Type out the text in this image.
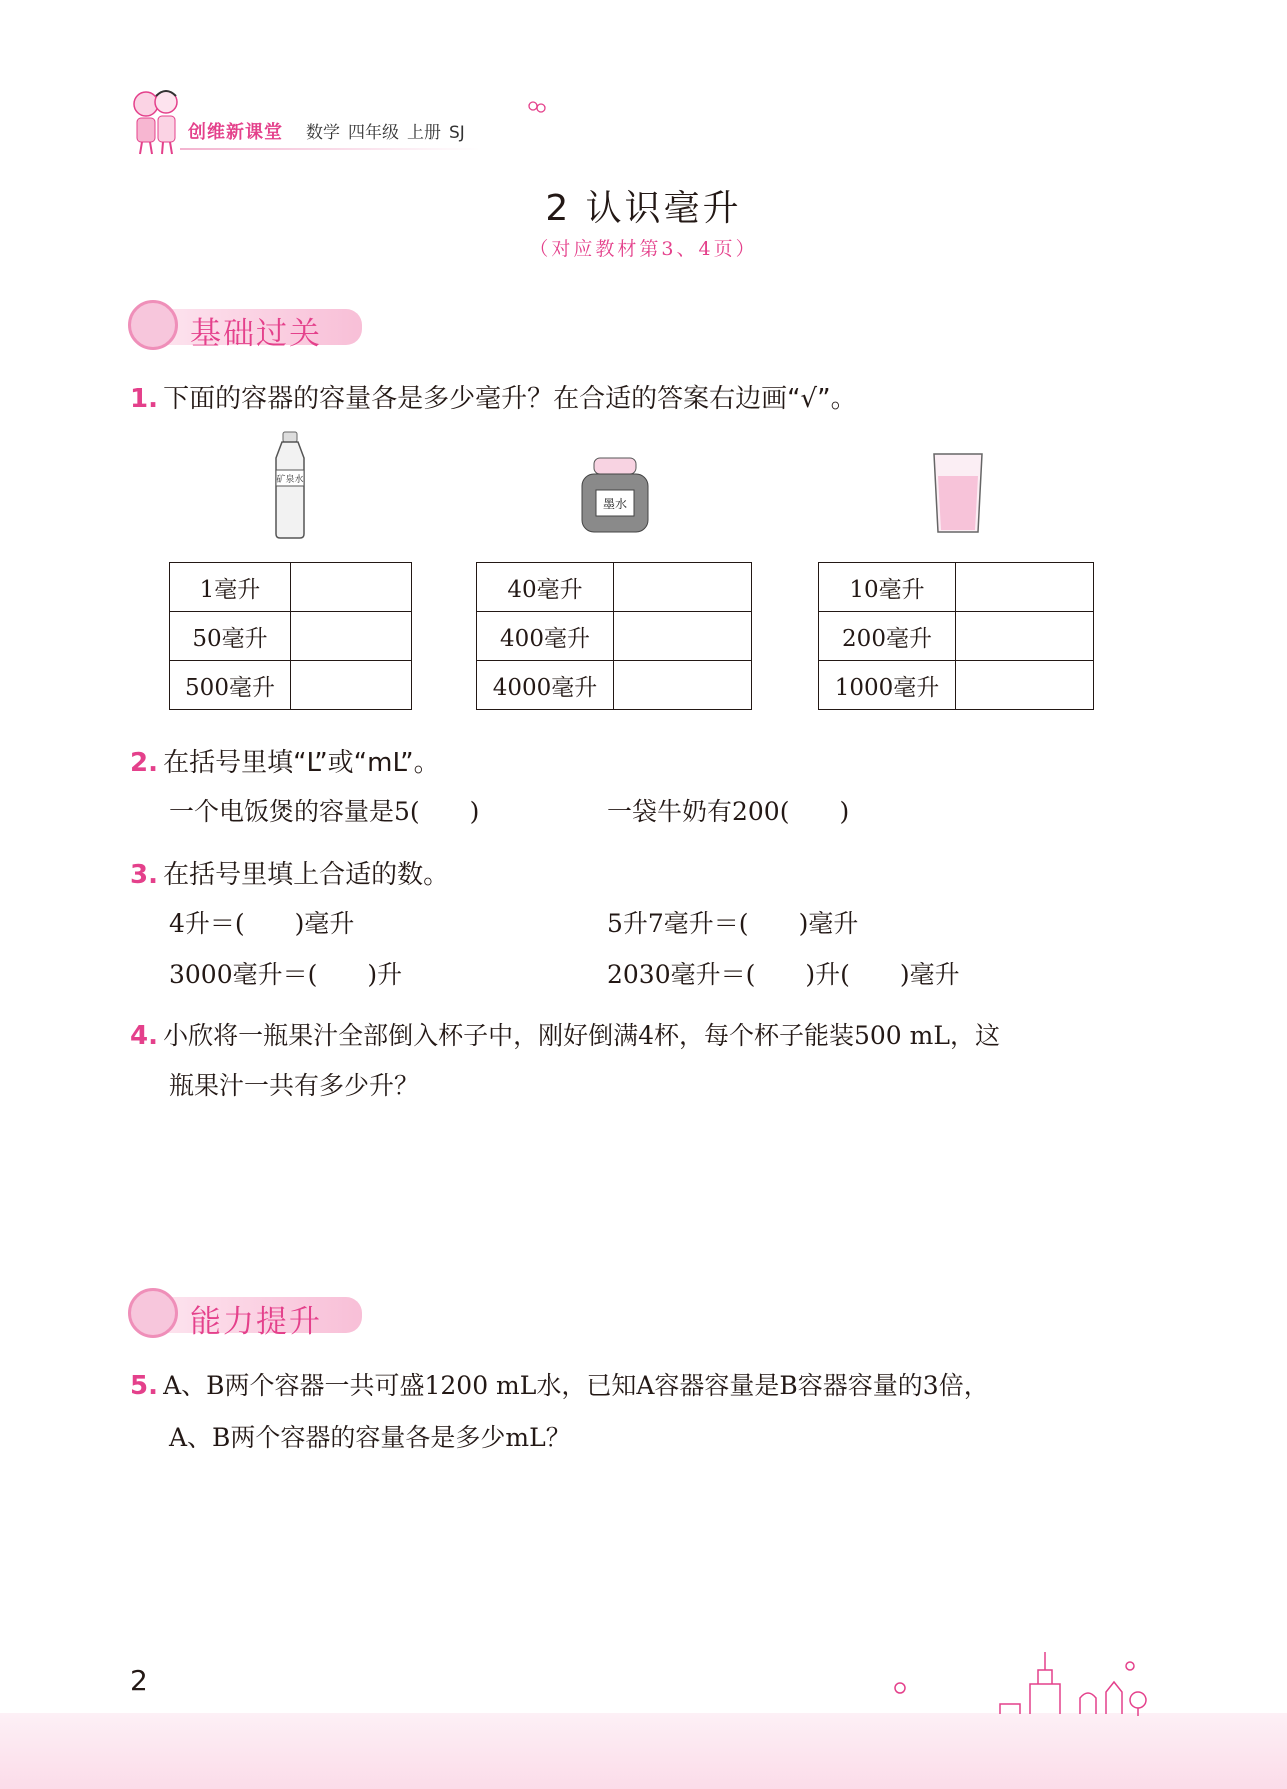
创维新课堂 数学 四年级 上册 SJ
2 认识毫升
（对应教材第3、4页）
基础过关
1. 下面的容器的容量各是多少毫升？在合适的答案右边画“√”。
矿泉水
墨水
1毫升	
50毫升	
500毫升	
40毫升	
400毫升	
4000毫升	
10毫升	
200毫升	
1000毫升	
2. 在括号里填“L”或“mL”。
一个电饭煲的容量是5(　　)	一袋牛奶有200(　　)
3. 在括号里填上合适的数。
4升＝(　　)毫升	5升7毫升＝(　　)毫升
3000毫升＝(　　)升	2030毫升＝(　　)升(　　)毫升
4. 小欣将一瓶果汁全部倒入杯子中，刚好倒满4杯，每个杯子能装500 mL，这
瓶果汁一共有多少升？
能力提升
5. A、B两个容器一共可盛1200 mL水，已知A容器容量是B容器容量的3倍，
A、B两个容器的容量各是多少mL？
2
